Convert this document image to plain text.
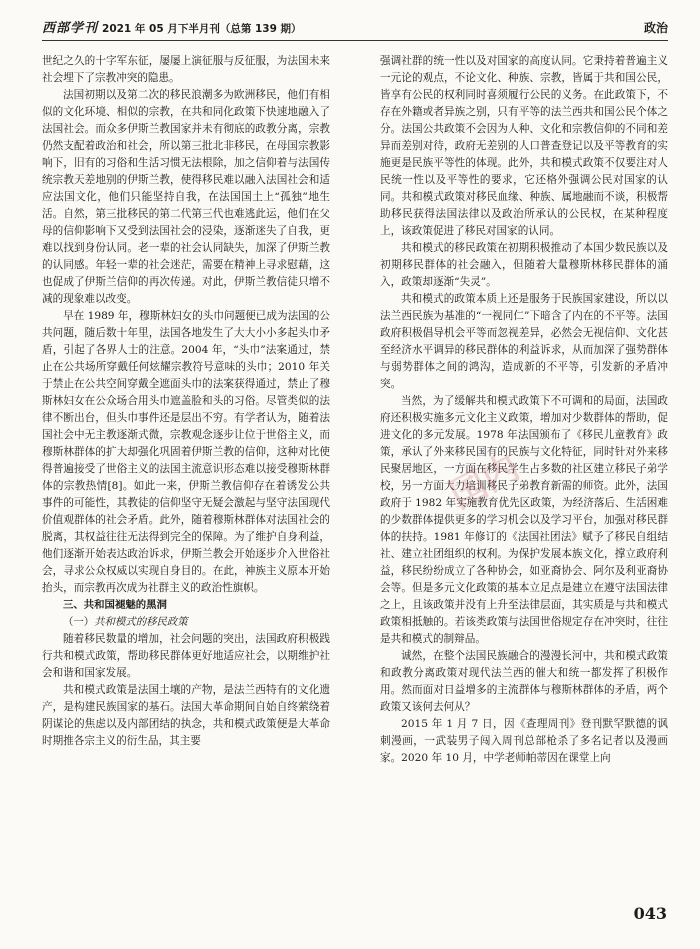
西部学刊 2021 年 05 月下半月刊（总第 139 期）	政治

世纪之久的十字军东征，屡屡上演征服与反征服，为法国未来社会埋下了宗教冲突的隐患。

法国初期以及第二次的移民浪潮多为欧洲移民，他们有相似的文化环境、相似的宗教，在共和同化政策下快速地融入了法国社会。而众多伊斯兰教国家并未有彻底的政教分离，宗教仍然支配着政治和社会，所以第三批北非移民，在母国宗教影响下，旧有的习俗和生活习惯无法根除，加之信仰着与法国传统宗教天差地别的伊斯兰教，使得移民难以融入法国社会和适应法国文化，他们只能坚持自我，在法国国土上“孤独”地生活。自然，第三批移民的第二代第三代也难逃此运，他们在父母的信仰影响下又受到法国社会的浸染，逐渐迷失了自我，更难以找到身份认同。老一辈的社会认同缺失，加深了伊斯兰教的认同感。年轻一辈的社会迷茫，需要在精神上寻求慰藉，这也促成了伊斯兰信仰的再次传递。对此，伊斯兰教信徒只增不减的现象难以改变。

早在 1989 年，穆斯林妇女的头巾问题便已成为法国的公共问题，随后数十年里，法国各地发生了大大小小多起头巾矛盾，引起了各界人士的注意。2004 年，“头巾”法案通过，禁止在公共场所穿戴任何炫耀宗教符号意味的头巾；2010 年关于禁止在公共空间穿戴全遮面头巾的法案获得通过，禁止了穆斯林妇女在公众场合用头巾遮盖脸和头的习俗。尽管类似的法律不断出台，但头巾事件还是层出不穷。有学者认为，随着法国社会中无主教逐渐式微，宗教观念逐步让位于世俗主义，而穆斯林群体的扩大却强化巩固着伊斯兰教的信仰，这种对比使得普遍接受了世俗主义的法国主流意识形态难以接受穆斯林群体的宗教热情[8]。如此一来，伊斯兰教信仰存在着诱发公共事件的可能性，其教徒的信仰坚守无疑会激起与坚守法国现代价值观群体的社会矛盾。此外，随着穆斯林群体对法国社会的脱离，其权益往往无法得到完全的保障。为了维护自身利益，他们逐渐开始表达政治诉求，伊斯兰教会开始逐步介入世俗社会，寻求公众权威以实现自身目的。在此，神族主义原本开始抬头，而宗教再次成为社群主义的政治性旗帜。

三、共和国褪魅的黑洞
（一）共和模式的移民政策

随着移民数量的增加，社会问题的突出，法国政府积极践行共和模式政策，帮助移民群体更好地适应社会，以期维护社会和谐和国家发展。

共和模式政策是法国土壤的产物，是法兰西特有的文化遗产，是构建民族国家的基石。法国大革命期间自始自终萦绕着阴谋论的焦虑以及内部团结的执念，共和模式政策便是大革命时期推各宗主义的衍生品，其主要

强调社群的统一性以及对国家的高度认同。它秉持着普遍主义一元论的观点，不论文化、种族、宗教，皆属于共和国公民，皆享有公民的权利同时喜须履行公民的义务。在此政策下，不存在外籍或者异族之别，只有平等的法兰西共和国公民个体之分。法国公共政策不会因为人种、文化和宗教信仰的不同和差异而差别对待，政府无差别的人口普查登记以及平等教育的实施更是民族平等性的体现。此外，共和模式政策不仅要注对人民统一性以及平等性的要求，它还格外强调公民对国家的认同。共和模式政策对移民血缘、种族、属地融而不谈，积极帮助移民获得法国法律以及政治所承认的公民权，在某种程度上，该政策促进了移民对国家的认同。

共和模式的移民政策在初期积极推动了本国少数民族以及初期移民群体的社会融入，但随着大量穆斯林移民群体的涌入，政策却逐渐“失灵”。

共和模式的政策本质上还是服务于民族国家建设，所以以法兰西民族为基准的“一视同仁”下暗含了内在的不平等。法国政府积极倡导机会平等而忽视差异，必然会无视信仰、文化甚至经济水平调异的移民群体的利益诉求，从而加深了强势群体与弱势群体之间的鸿沟，造成新的不平等，引发新的矛盾冲突。

当然，为了缓解共和模式政策下不可调和的局面，法国政府还积极实施多元文化主义政策，增加对少数群体的帮助，促进文化的多元发展。1978 年法国颁布了《移民儿童教育》政策，承认了外来移民国有的民族与文化特征，同时针对外来移民聚居地区，一方面在移民学生占多数的社区建立移民子弟学校，另一方面大力培训移民子弟教育新需的师资。此外，法国政府于 1982 年实施教育优先区政策，为经济落后、生活困难的少数群体提供更多的学习机会以及学习平台，加强对移民群体的扶持。1981 年修订的《法国社团法》赋予了移民自组结社、建立社团组织的权利。为保护发展本族文化，撑立政府利益，移民纷纷成立了各种协会，如亚裔协会、阿尔及利亚裔协会等。但是多元文化政策的基本立足点是建立在遵守法国法律之上，且该政策并没有上升至法律层面，其实质是与共和模式政策相抵触的。若该类政策与法国世俗规定存在冲突时，往往是共和模式的制辩品。

诚然，在整个法国民族融合的漫漫长河中，共和模式政策和政教分离政策对现代法兰西的催大和统一都发挥了积极作用。然而面对日益增多的主流群体与穆斯林群体的矛盾，两个政策又该何去何从？

2015 年 1 月 7 日，因《查理周刊》登刊默罕默德的讽刺漫画，一武装男子闯入周刊总部枪杀了多名记者以及漫画家。2020 年 10 月，中学老师帕蒂因在课堂上向

国内
043
